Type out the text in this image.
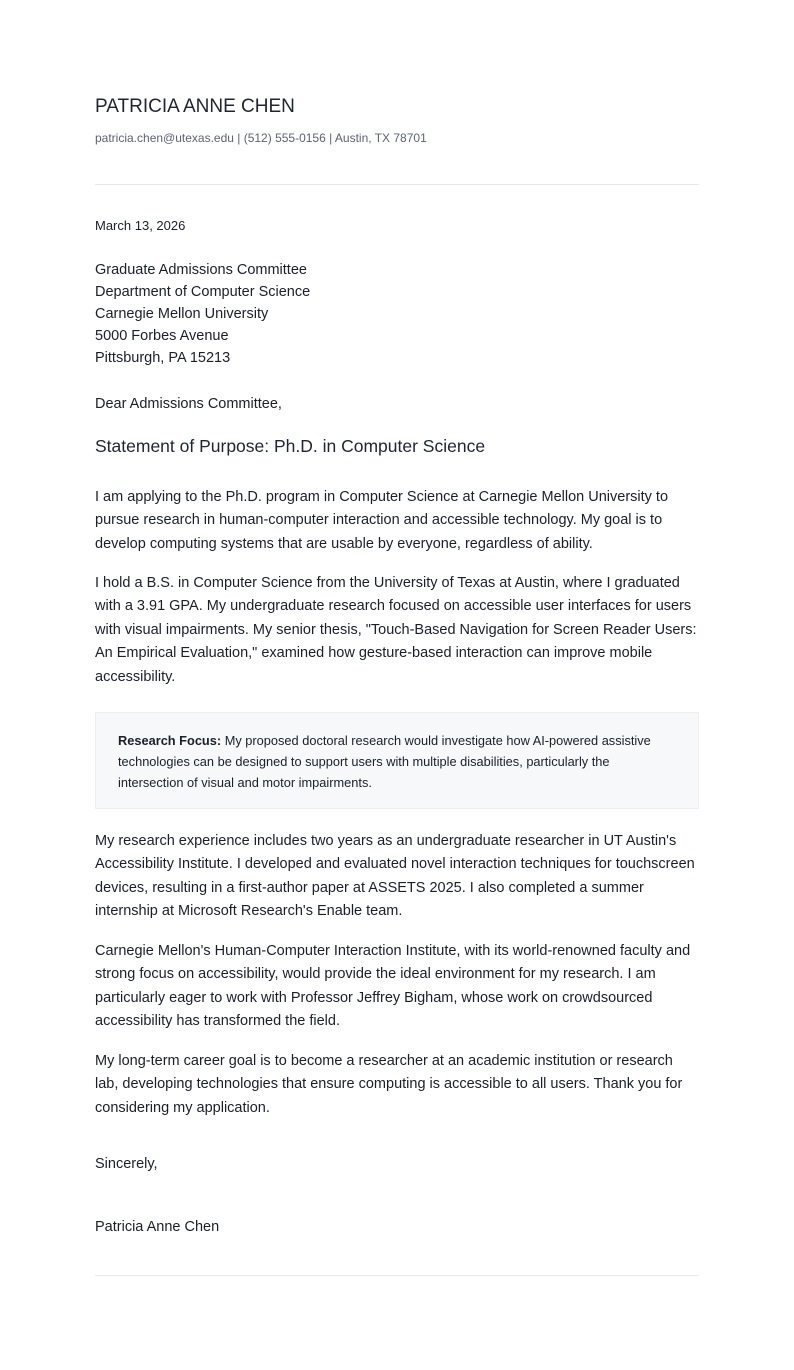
PATRICIA ANNE CHEN
patricia.chen@utexas.edu | (512) 555-0156 | Austin, TX 78701
March 13, 2026
Graduate Admissions Committee
Department of Computer Science
Carnegie Mellon University
5000 Forbes Avenue
Pittsburgh, PA 15213
Dear Admissions Committee,
Statement of Purpose: Ph.D. in Computer Science

I am applying to the Ph.D. program in Computer Science at Carnegie Mellon University to pursue research in human-computer interaction and accessible technology. My goal is to develop computing systems that are usable by everyone, regardless of ability.

I hold a B.S. in Computer Science from the University of Texas at Austin, where I graduated with a 3.91 GPA. My undergraduate research focused on accessible user interfaces for users with visual impairments. My senior thesis, "Touch-Based Navigation for Screen Reader Users: An Empirical Evaluation," examined how gesture-based interaction can improve mobile accessibility.

Research Focus: My proposed doctoral research would investigate how AI-powered assistive technologies can be designed to support users with multiple disabilities, particularly the intersection of visual and motor impairments.

My research experience includes two years as an undergraduate researcher in UT Austin's Accessibility Institute. I developed and evaluated novel interaction techniques for touchscreen devices, resulting in a first-author paper at ASSETS 2025. I also completed a summer internship at Microsoft Research's Enable team.

Carnegie Mellon's Human-Computer Interaction Institute, with its world-renowned faculty and strong focus on accessibility, would provide the ideal environment for my research. I am particularly eager to work with Professor Jeffrey Bigham, whose work on crowdsourced accessibility has transformed the field.

My long-term career goal is to become a researcher at an academic institution or research lab, developing technologies that ensure computing is accessible to all users. Thank you for considering my application.

Sincerely,
Patricia Anne Chen
